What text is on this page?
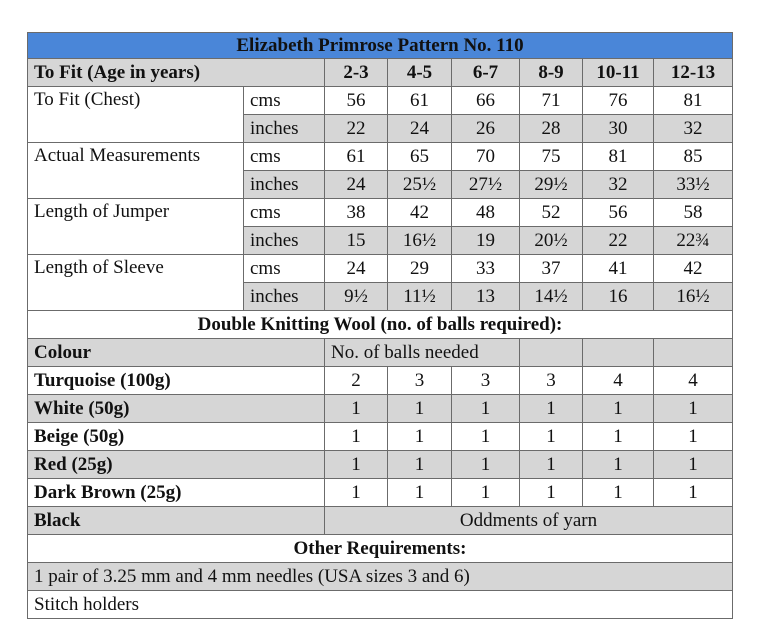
Elizabeth Primrose Pattern No. 110							
To Fit (Age in years)		2-3	4-5	6-7	8-9	10-11	12-13
To Fit (Chest)	cms	56	61	66	71	76	81
	inches	22	24	26	28	30	32
Actual Measurements	cms	61	65	70	75	81	85
	inches	24	25½	27½	29½	32	33½
Length of Jumper	cms	38	42	48	52	56	58
	inches	15	16½	19	20½	22	22¾
Length of Sleeve	cms	24	29	33	37	41	42
	inches	9½	11½	13	14½	16	16½
Double Knitting Wool (no. of balls required):							
Colour		No. of balls needed					
Turquoise (100g)		2	3	3	3	4	4
White (50g)		1	1	1	1	1	1
Beige (50g)		1	1	1	1	1	1
Red (25g)		1	1	1	1	1	1
Dark Brown (25g)		1	1	1	1	1	1
Black		Oddments of yarn					
Other Requirements:							
1 pair of 3.25 mm and 4 mm needles (USA sizes 3 and 6)							
Stitch holders							
